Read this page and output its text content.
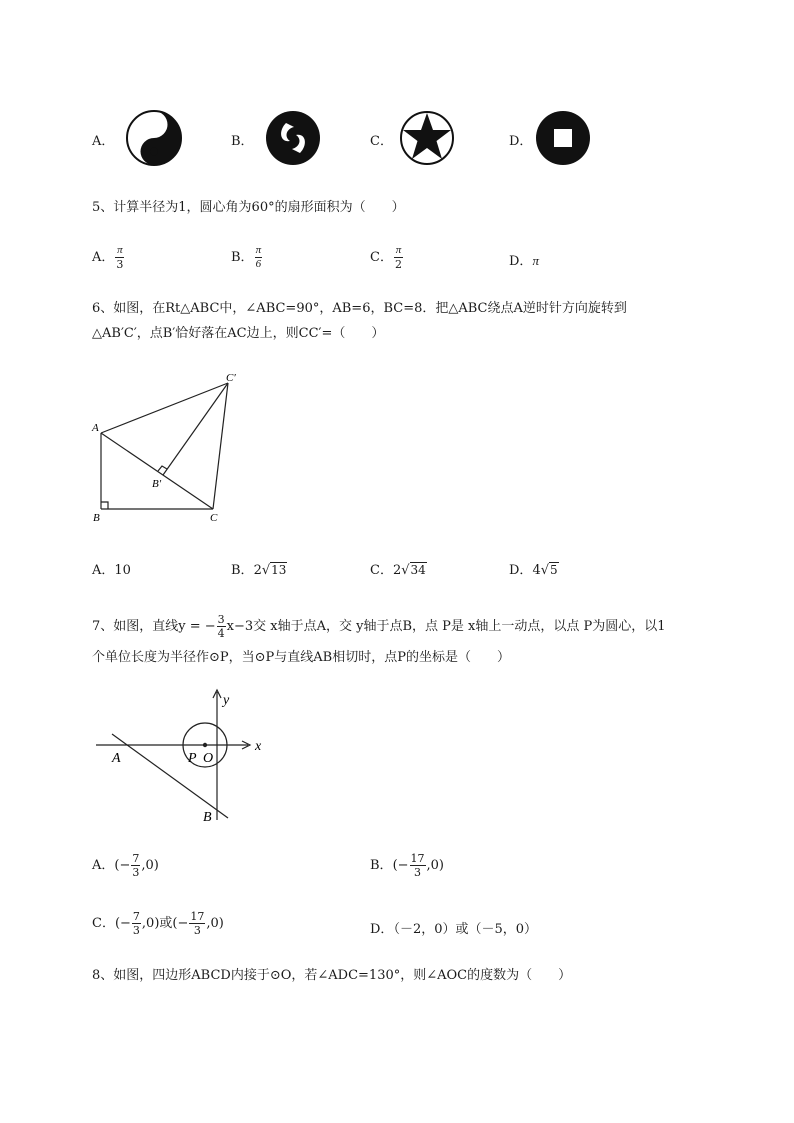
A．	B．	C．	D．
5、计算半径为1，圆心角为60°的扇形面积为（　　）
A． $\frac{\pi}{3}$	B． $\frac{\pi}{6}$	C． $\frac{\pi}{2}$	D．π
6、如图，在Rt△ABC中，∠ABC=90°，AB=6，BC=8．把△ABC绕点A逆时针方向旋转到
△AB′C′，点B′恰好落在AC边上，则CC′=（　　）
A
B	C
B′
C′
A．10	B．2√13	C．2√34	D．4√5
7、如图，直线y = − $\frac{3}{4} x-3$交 x轴于点A，交 y轴于点B，点 P是 x轴上一动点，以点 P为圆心，以1
个单位长度为半径作⊙P，当⊙P与直线AB相切时，点P的坐标是（　　）
y
x
A
B
P O
A．(− $\frac{7}{3} ,0$)	B．(− $\frac{17}{3} ,0$)
C．(− $\frac{7}{3} ,0$)或(− $\frac{17}{3} ,0$)	D．（－2，0）或（－5，0）
8、如图，四边形ABCD内接于⊙O，若∠ADC=130°，则∠AOC的度数为（　　）
